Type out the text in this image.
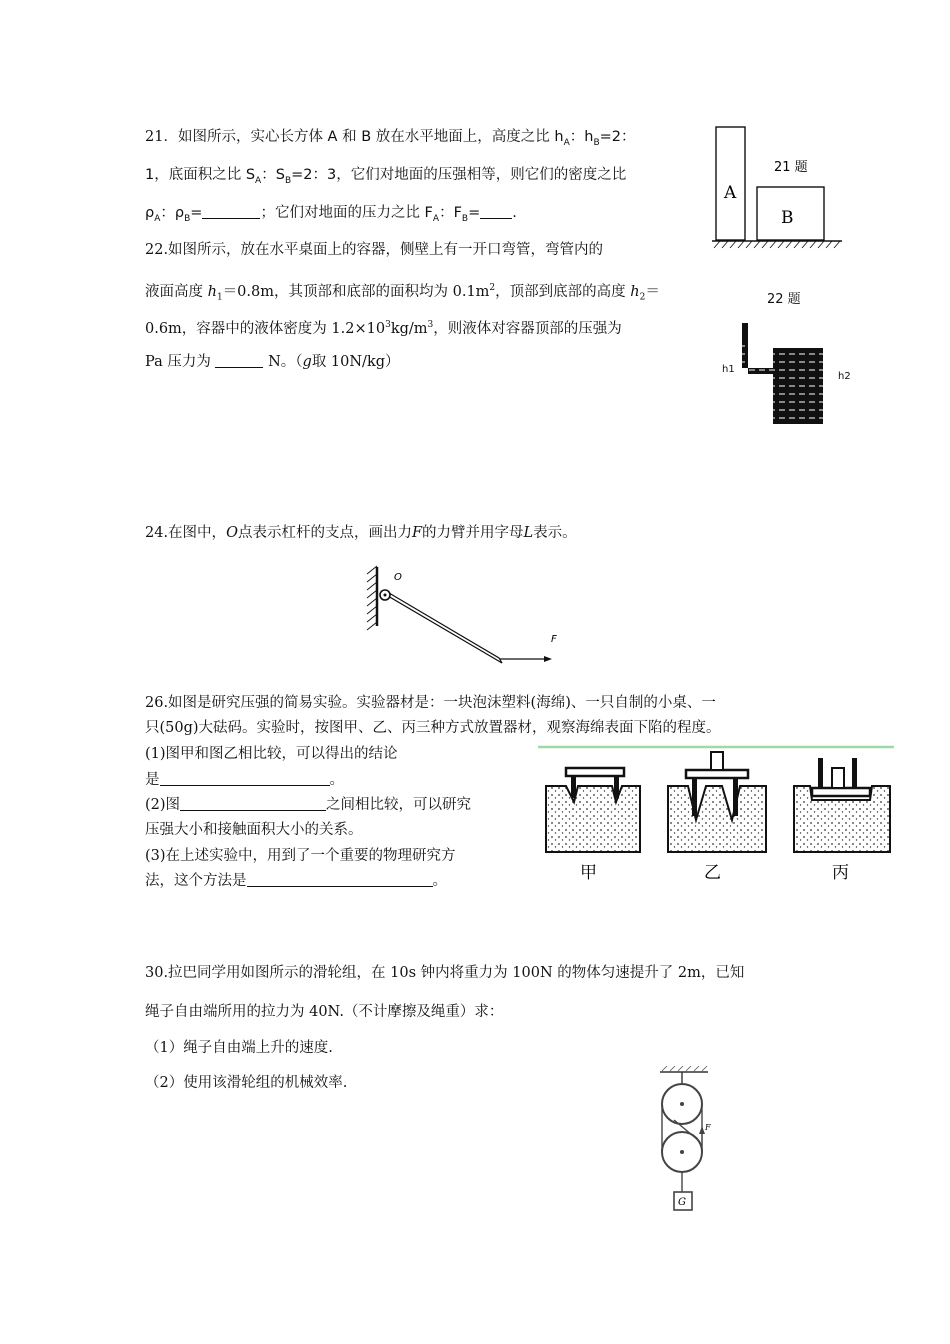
21．如图所示，实心长方体 A 和 B 放在水平地面上，高度之比 $h_A$：$h_B=2$：
1，底面积之比 $S_A$：$S_B=2$：3，它们对地面的压强相等，则它们的密度之比
$\rho_A$：$\rho_B=$	；它们对地面的压力之比 $F_A$：$F_B=$ .
A
B
21 题
22.如图所示，放在水平桌面上的容器，侧壁上有一开口弯管，弯管内的
液面高度 $h_1=0.8m$，其顶部和底部的面积均为 $0.1m^2$，顶部到底部的高度 $h_2=$
0.6m，容器中的液体密度为 $1.2\times 10^3kg/m^3$，则液体对容器顶部的压强为
Pa 压力为	N。（g取 10N/kg）
22 题
h1
h2
24.在图中，O点表示杠杆的支点，画出力F的力臂并用字母L表示。
O
F
26.如图是研究压强的简易实验。实验器材是：一块泡沫塑料(海绵)、一只自制的小桌、一
只(50g)大砝码。实验时，按图甲、乙、丙三种方式放置器材，观察海绵表面下陷的程度。
(1)图甲和图乙相比较，可以得出的结论
是	。
(2)图	之间相比较，可以研究
压强大小和接触面积大小的关系。
(3)在上述实验中，用到了一个重要的物理研究方
法，这个方法是	。	甲	乙	丙
30.拉巴同学用如图所示的滑轮组，在 10s 钟内将重力为 100N 的物体匀速提升了 2m，已知
绳子自由端所用的拉力为 40N.（不计摩擦及绳重）求：
（1）绳子自由端上升的速度.
（2）使用该滑轮组的机械效率.
F
G
